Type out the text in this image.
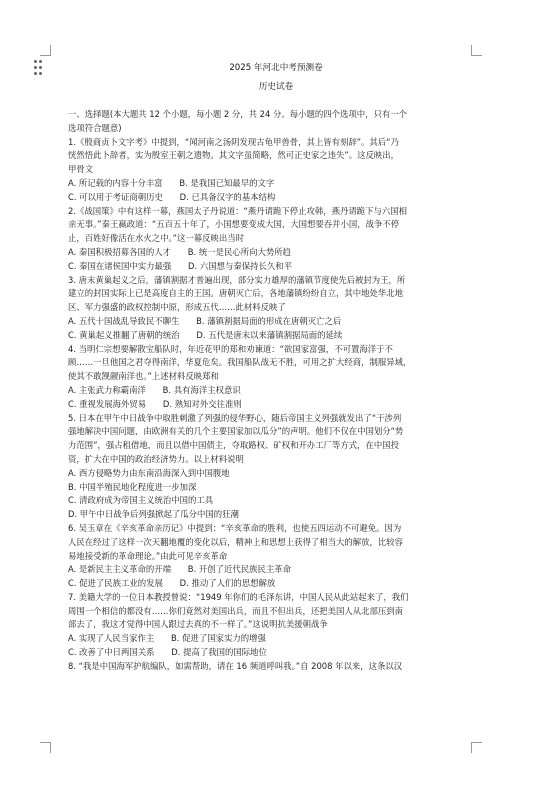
2025 年河北中考预测卷
历史试卷
一、选择题(本大题共 12 个小题，每小题 2 分，共 24 分。每小题的四个选项中，只有一个
选项符合题意)
1.《殷商贞卜文字考》中提到，“闻河南之汤阴发现古龟甲兽骨，其上皆有刻辞”。其后“乃
恍然悟此卜辞者，实为殷室王朝之遗物。其文字虽简略，然可正史家之违失”。这反映出，
甲骨文
A. 所记载的内容十分丰富　　B. 是我国已知最早的文字
C. 可以用于考证商朝历史　　D. 已具备汉字的基本结构
2.《战国策》中有这样一幕，燕国太子丹说道：“燕丹请跪下停止攻韩，燕丹请跪下与六国相
亲无事。”秦王嬴政道：“五百五十年了，小国想要变成大国，大国想要吞并小国，战争不停
止，百姓好像活在水火之中。”这一幕反映出当时
A. 秦国积极招募各国的人才　　B. 统一是民心所向大势所趋
C. 秦国在诸侯国中实力最强　　D. 六国想与秦保持长久和平
3. 唐末黄巢起义之后，藩镇割据才普遍出现，部分实力雄厚的藩镇节度使先后被封为王，所
建立的封国实际上已是高度自主的王国。唐朝灭亡后，各地藩镇纷纷自立，其中地处华北地
区、军力强盛的政权控制中原，形成五代……此材料反映了
A. 五代十国战乱导致民不聊生　　B. 藩镇割据局面的形成在唐朝灭亡之后
C. 黄巢起义推翻了唐朝的统治　　D. 五代是唐末以来藩镇割据局面的延续
4. 当明仁宗想要解散宝船队时，年近花甲的郑和劝谏道：“欲国家富强，不可置海洋于不
顾……一旦他国之君夺得南洋，华夏危矣。我国船队战无不胜，可用之扩大经商，制服异域，
使其不敢觊觎南洋也。”上述材料反映郑和
A. 主张武力称霸南洋　　B. 具有海洋主权意识
C. 重视发展海外贸易　　D. 熟知对外交往准则
5. 日本在甲午中日战争中取胜刺激了列强的侵华野心，随后帝国主义列强就发出了“干涉列
强地解决中国问题，由欧洲有关的几个主要国家加以瓜分”的声明。他们不仅在中国划分“势
力范围”，强占租借地，而且以借中国债主，夺取路权、矿权和开办工厂等方式，在中国投
资，扩大在中国的政治经济势力。以上材料说明
A. 西方侵略势力由东南沿海深入到中国腹地
B. 中国半殖民地化程度进一步加深
C. 清政府成为帝国主义统治中国的工具
D. 甲午中日战争后列强掀起了瓜分中国的狂潮
6. 吴玉章在《辛亥革命亲历记》中提到：“辛亥革命的胜利，也使五四运动不可避免。因为
人民在经过了这样一次天翻地覆的变化以后，精神上和思想上获得了相当大的解放，比较容
易地接受新的革命理论。”由此可见辛亥革命
A. 是新民主主义革命的开端　　B. 开创了近代民族民主革命
C. 促进了民族工业的发展　　D. 推动了人们的思想解放
7. 美籍大学的一位日本教授曾说：“1949 年你们的毛泽东讲，中国人民从此站起来了，我们
周围一个相信的都没有……你们竟然对美国出兵，而且不但出兵，还把美国人从北部压到南
部去了，我这才觉得中国人跟过去真的不一样了。”这说明抗美援朝战争
A. 实现了人民当家作主　　B. 促进了国家实力的增强
C. 改善了中日两国关系　　D. 提高了我国的国际地位
8. “我是中国海军护航编队，如需帮助，请在 16 频道呼叫我。”自 2008 年以来，这条以汉
